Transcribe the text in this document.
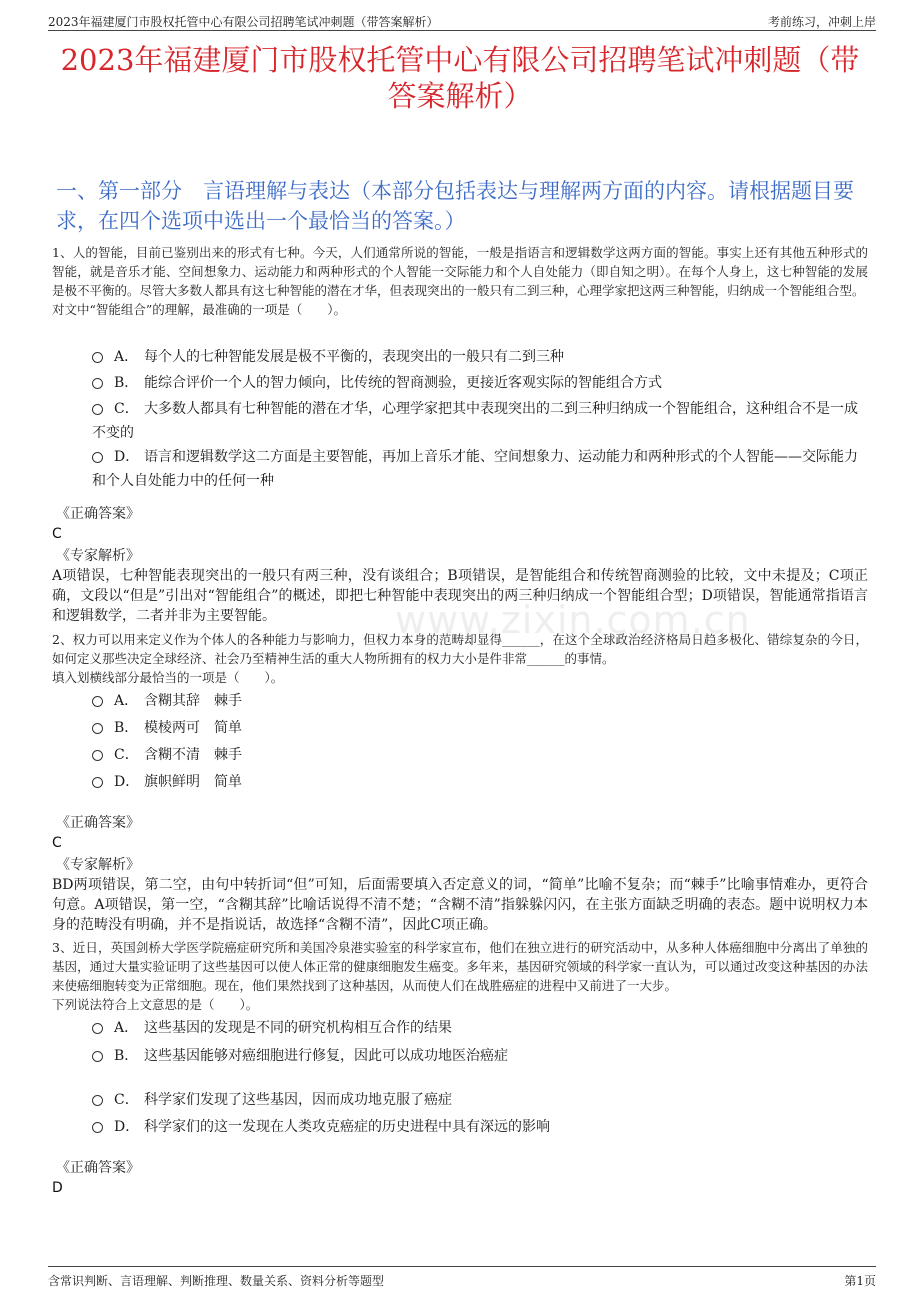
2023年福建厦门市股权托管中心有限公司招聘笔试冲刺题（带答案解析）	考前练习，冲刺上岸
2023年福建厦门市股权托管中心有限公司招聘笔试冲刺题（带答案解析）
一、第一部分　言语理解与表达（本部分包括表达与理解两方面的内容。请根据题目要求，在四个选项中选出一个最恰当的答案。）
www.zixin.com.cn
1、人的智能，目前已鉴别出来的形式有七种。今天，人们通常所说的智能，一般是指语言和逻辑数学这两方面的智能。事实上还有其他五种形式的智能，就是音乐才能、空间想象力、运动能力和两种形式的个人智能一交际能力和个人自处能力（即自知之明）。在每个人身上，这七种智能的发展是极不平衡的。尽管大多数人都具有这七种智能的潜在才华，但表现突出的一般只有二到三种，心理学家把这两三种智能，归纳成一个智能组合型。
对文中“智能组合”的理解，最准确的一项是（　　）。
A． 每个人的七种智能发展是极不平衡的，表现突出的一般只有二到三种
B． 能综合评价一个人的智力倾向，比传统的智商测验，更接近客观实际的智能组合方式
C． 大多数人都具有七种智能的潜在才华，心理学家把其中表现突出的二到三种归纳成一个智能组合，这种组合不是一成不变的
D． 语言和逻辑数学这二方面是主要智能，再加上音乐才能、空间想象力、运动能力和两种形式的个人智能——交际能力和个人自处能力中的任何一种
《正确答案》
C
《专家解析》
A项错误，七种智能表现突出的一般只有两三种，没有谈组合；B项错误，是智能组合和传统智商测验的比较，文中未提及；C项正确，文段以“但是”引出对“智能组合”的概述，即把七种智能中表现突出的两三种归纳成一个智能组合型；D项错误，智能通常指语言和逻辑数学，二者并非为主要智能。
2、权力可以用来定义作为个体人的各种能力与影响力，但权力本身的范畴却显得______，在这个全球政治经济格局日趋多极化、错综复杂的今日，如何定义那些决定全球经济、社会乃至精神生活的重大人物所拥有的权力大小是件非常______的事情。
填入划横线部分最恰当的一项是（　　）。
A． 含糊其辞　棘手
B． 模棱两可　简单
C． 含糊不清　棘手
D． 旗帜鲜明　简单
《正确答案》
C
《专家解析》
BD两项错误，第二空，由句中转折词“但”可知，后面需要填入否定意义的词，“简单”比喻不复杂；而“棘手”比喻事情难办，更符合句意。A项错误，第一空，“含糊其辞”比喻话说得不清不楚；“含糊不清”指躲躲闪闪，在主张方面缺乏明确的表态。题中说明权力本身的范畴没有明确，并不是指说话，故选择“含糊不清”，因此C项正确。
3、近日，英国剑桥大学医学院癌症研究所和美国冷泉港实验室的科学家宣布，他们在独立进行的研究活动中，从多种人体癌细胞中分离出了单独的基因，通过大量实验证明了这些基因可以使人体正常的健康细胞发生癌变。多年来，基因研究领域的科学家一直认为，可以通过改变这种基因的办法来使癌细胞转变为正常细胞。现在，他们果然找到了这种基因，从而使人们在战胜癌症的进程中又前进了一大步。
下列说法符合上文意思的是（　　）。
A． 这些基因的发现是不同的研究机构相互合作的结果
B． 这些基因能够对癌细胞进行修复，因此可以成功地医治癌症
C． 科学家们发现了这些基因，因而成功地克服了癌症
D． 科学家们的这一发现在人类攻克癌症的历史进程中具有深远的影响
《正确答案》
D
含常识判断、言语理解、判断推理、数量关系、资料分析等题型	第1页
